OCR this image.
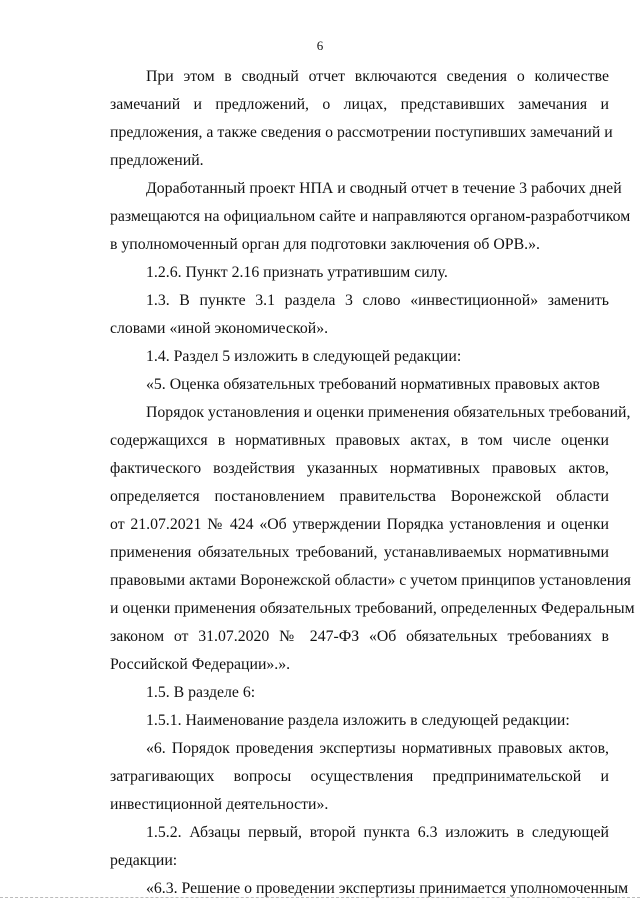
6
При этом в сводный отчет включаются сведения о количестве
замечаний и предложений, о лицах, представивших замечания и
предложения, а также сведения о рассмотрении поступивших замечаний и
предложений.
Доработанный проект НПА и сводный отчет в течение 3 рабочих дней
размещаются на официальном сайте и направляются органом-разработчиком
в уполномоченный орган для подготовки заключения об ОРВ.».
1.2.6. Пункт 2.16 признать утратившим силу.
1.3. В пункте 3.1 раздела 3 слово «инвестиционной» заменить
словами «иной экономической».
1.4. Раздел 5 изложить в следующей редакции:
«5. Оценка обязательных требований нормативных правовых актов
Порядок установления и оценки применения обязательных требований,
содержащихся в нормативных правовых актах, в том числе оценки
фактического воздействия указанных нормативных правовых актов,
определяется постановлением правительства Воронежской области
от 21.07.2021 № 424 «Об утверждении Порядка установления и оценки
применения обязательных требований, устанавливаемых нормативными
правовыми актами Воронежской области» с учетом принципов установления
и оценки применения обязательных требований, определенных Федеральным
законом от 31.07.2020 № 247-ФЗ «Об обязательных требованиях в
Российской Федерации».».
1.5. В разделе 6:
1.5.1. Наименование раздела изложить в следующей редакции:
«6. Порядок проведения экспертизы нормативных правовых актов,
затрагивающих вопросы осуществления предпринимательской и
инвестиционной деятельности».
1.5.2. Абзацы первый, второй пункта 6.3 изложить в следующей
редакции:
«6.3. Решение о проведении экспертизы принимается уполномоченным
